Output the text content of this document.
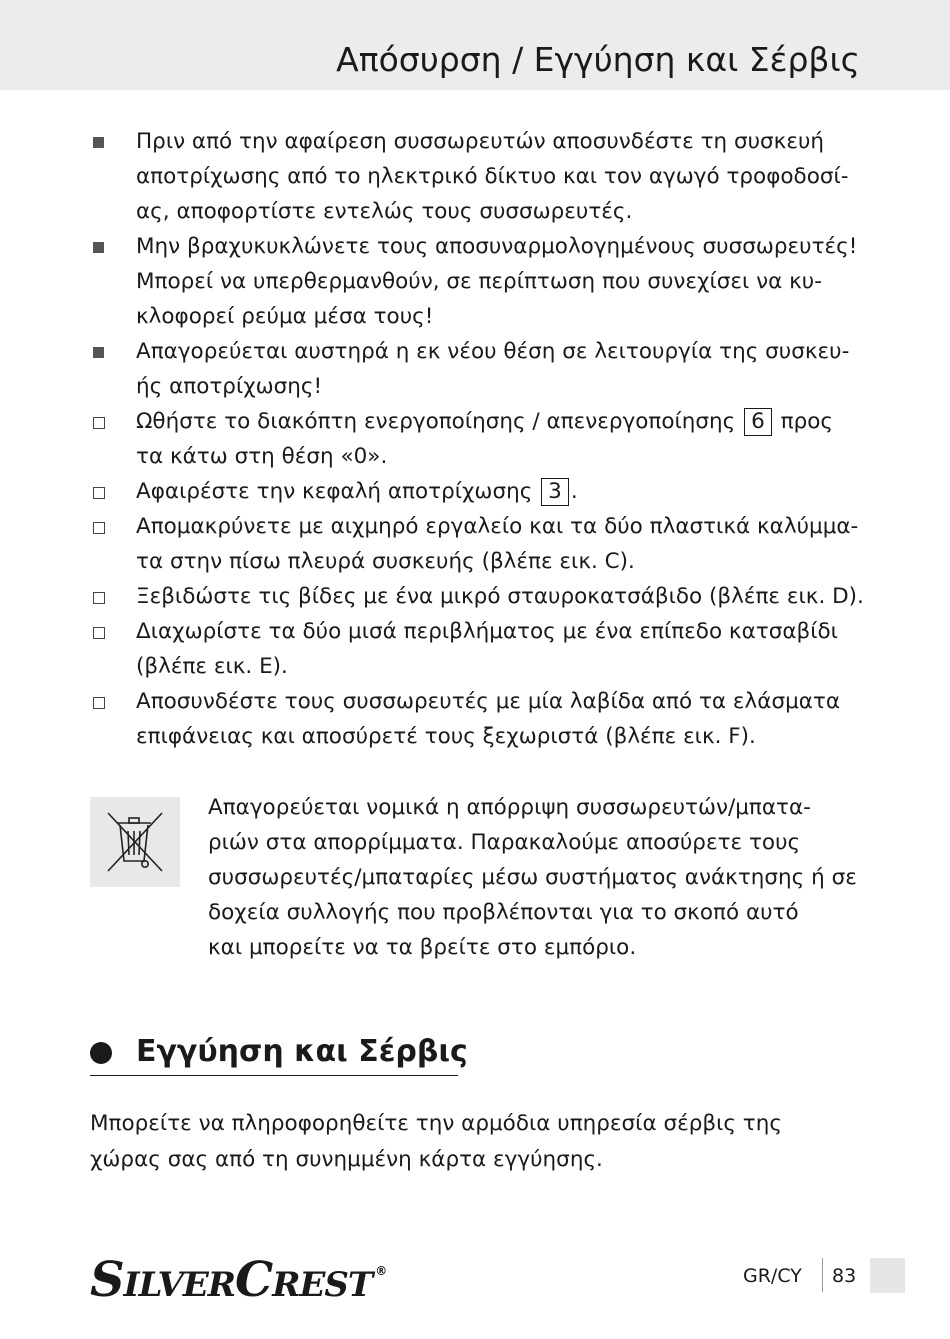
Απόσυρση / Εγγύηση και Σέρβις
Πριν από την αφαίρεση συσσωρευτών αποσυνδέστε τη συσκευή
αποτρίχωσης από το ηλεκτρικό δίκτυο και τον αγωγό τροφοδοσί-
ας, αποφορτίστε εντελώς τους συσσωρευτές.
Μην βραχυκυκλώνετε τους αποσυναρμολογημένους συσσωρευτές!
Μπορεί να υπερθερμανθούν, σε περίπτωση που συνεχίσει να κυ-
κλοφορεί ρεύμα μέσα τους!
Απαγορεύεται αυστηρά η εκ νέου θέση σε λειτουργία της συσκευ-
ής αποτρίχωσης!
Ωθήστε το διακόπτη ενεργοποίησης / απενεργοποίησης 6 προς
τα κάτω στη θέση «0».
Αφαιρέστε την κεφαλή αποτρίχωσης 3 .
Απομακρύνετε με αιχμηρό εργαλείο και τα δύο πλαστικά καλύμμα-
τα στην πίσω πλευρά συσκευής (βλέπε εικ. C).
Ξεβιδώστε τις βίδες με ένα μικρό σταυροκατσάβιδο (βλέπε εικ. D).
Διαχωρίστε τα δύο μισά περιβλήματος με ένα επίπεδο κατσαβίδι
(βλέπε εικ. E).
Αποσυνδέστε τους συσσωρευτές με μία λαβίδα από τα ελάσματα
επιφάνειας και αποσύρετέ τους ξεχωριστά (βλέπε εικ. F).
Απαγορεύεται νομικά η απόρριψη συσσωρευτών/μπατα-
ριών στα απορρίμματα. Παρακαλούμε αποσύρετε τους
συσσωρευτές/μπαταρίες μέσω συστήματος ανάκτησης ή σε
δοχεία συλλογής που προβλέπονται για το σκοπό αυτό
και μπορείτε να τα βρείτε στο εμπόριο.
Εγγύηση και Σέρβις
Μπορείτε να πληροφορηθείτε την αρμόδια υπηρεσία σέρβις της
χώρας σας από τη συνημμένη κάρτα εγγύησης.
SILVERCREST ®	GR/CY 83
